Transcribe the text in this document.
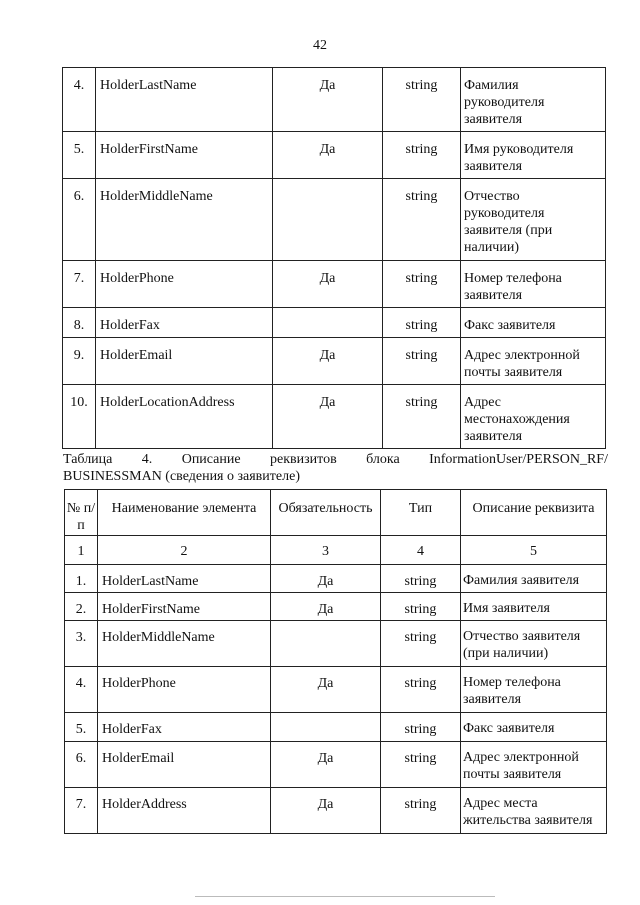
42
4.	HolderLastName	Да	string	Фамилия руководителя заявителя
5.	HolderFirstName	Да	string	Имя руководителя заявителя
6.	HolderMiddleName		string	Отчество руководителя заявителя (при наличии)
7.	HolderPhone	Да	string	Номер телефона заявителя
8.	HolderFax		string	Факс заявителя
9.	HolderEmail	Да	string	Адрес электронной почты заявителя
10.	HolderLocationAddress	Да	string	Адрес местонахождения заявителя
Таблица 4. Описание реквизитов блока InformationUser/PERSON_RF/
BUSINESSMAN (сведения о заявителе)
№ п/п	Наименование элемента	Обязательность	Тип	Описание реквизита
1	2	3	4	5
1.	HolderLastName	Да	string	Фамилия заявителя
2.	HolderFirstName	Да	string	Имя заявителя
3.	HolderMiddleName		string	Отчество заявителя (при наличии)
4.	HolderPhone	Да	string	Номер телефона заявителя
5.	HolderFax		string	Факс заявителя
6.	HolderEmail	Да	string	Адрес электронной почты заявителя
7.	HolderAddress	Да	string	Адрес места жительства заявителя
